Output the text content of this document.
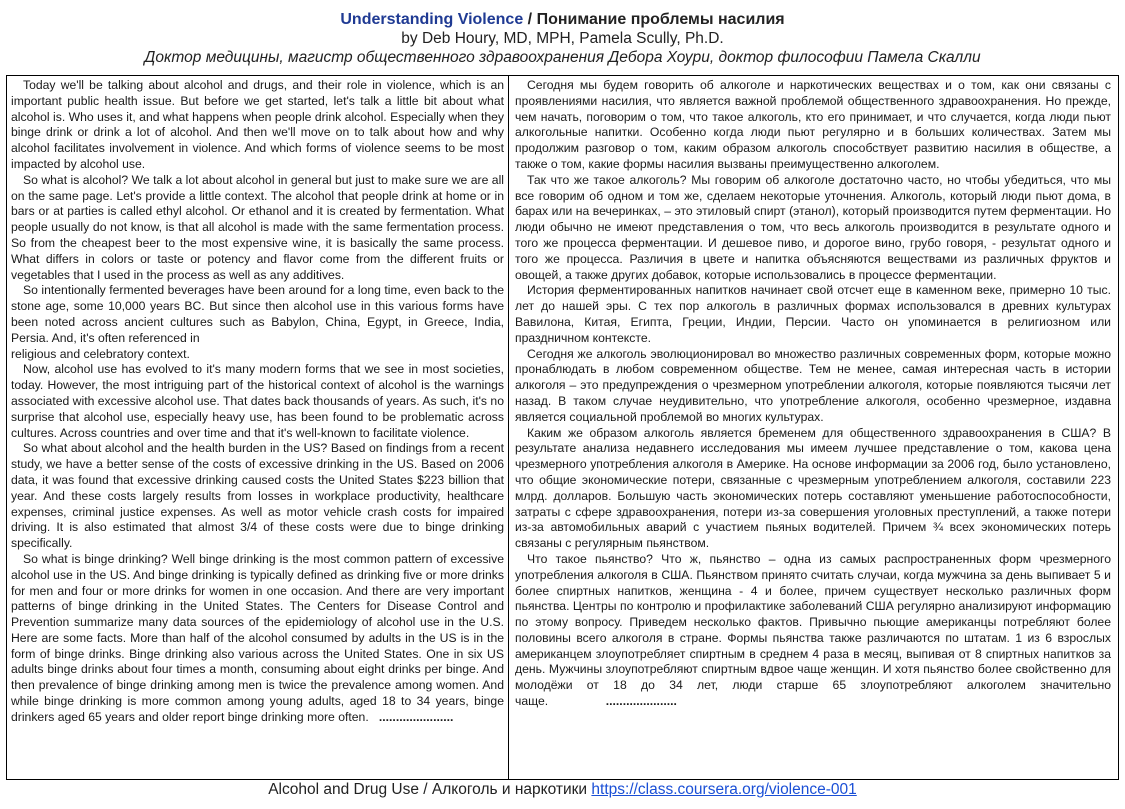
Understanding Violence / Понимание проблемы насилия
by Deb Houry, MD, MPH, Pamela Scully, Ph.D.
Доктор медицины, магистр общественного здравоохранения Дебора Хоури, доктор философии Памела Скалли

Today we'll be talking about alcohol and drugs, and their role in violence, which is an important public health issue. But before we get started, let's talk a little bit about what alcohol is. Who uses it, and what happens when people drink alcohol. Especially when they binge drink or drink a lot of alcohol. And then we'll move on to talk about how and why alcohol facilitates involvement in violence. And which forms of violence seems to be most impacted by alcohol use.

So what is alcohol? We talk a lot about alcohol in general but just to make sure we are all on the same page. Let's provide a little context. The alcohol that people drink at home or in bars or at parties is called ethyl alcohol. Or ethanol and it is created by fermentation. What people usually do not know, is that all alcohol is made with the same fermentation process. So from the cheapest beer to the most expensive wine, it is basically the same process. What differs in colors or taste or potency and flavor come from the different fruits or vegetables that I used in the process as well as any additives.

So intentionally fermented beverages have been around for a long time, even back to the stone age, some 10,000 years BC. But since then alcohol use in this various forms have been noted across ancient cultures such as Babylon, China, Egypt, in Greece, India, Persia. And, it's often referenced in

religious and celebratory context.

Now, alcohol use has evolved to it's many modern forms that we see in most societies, today. However, the most intriguing part of the historical context of alcohol is the warnings associated with excessive alcohol use. That dates back thousands of years. As such, it's no surprise that alcohol use, especially heavy use, has been found to be problematic across cultures. Across countries and over time and that it's well-known to facilitate violence.

So what about alcohol and the health burden in the US? Based on findings from a recent study, we have a better sense of the costs of excessive drinking in the US. Based on 2006 data, it was found that excessive drinking caused costs the United States $223 billion that year. And these costs largely results from losses in workplace productivity, healthcare expenses, criminal justice expenses. As well as motor vehicle crash costs for impaired driving. It is also estimated that almost 3/4 of these costs were due to binge drinking specifically.

So what is binge drinking? Well binge drinking is the most common pattern of excessive alcohol use in the US. And binge drinking is typically defined as drinking five or more drinks for men and four or more drinks for women in one occasion. And there are very important patterns of binge drinking in the United States. The Centers for Disease Control and Prevention summarize many data sources of the epidemiology of alcohol use in the U.S. Here are some facts. More than half of the alcohol consumed by adults in the US is in the form of binge drinks. Binge drinking also various across the United States. One in six US adults binge drinks about four times a month, consuming about eight drinks per binge. And then prevalence of binge drinking among men is twice the prevalence among women. And while binge drinking is more common among young adults, aged 18 to 34 years, binge drinkers aged 65 years and older report binge drinking more often. ......................

Сегодня мы будем говорить об алкоголе и наркотических веществах и о том, как они связаны с проявлениями насилия, что является важной проблемой общественного здравоохранения. Но прежде, чем начать, поговорим о том, что такое алкоголь, кто его принимает, и что случается, когда люди пьют алкогольные напитки. Особенно когда люди пьют регулярно и в больших количествах. Затем мы продолжим разговор о том, каким образом алкоголь способствует развитию насилия в обществе, а также о том, какие формы насилия вызваны преимущественно алкоголем.

Так что же такое алкоголь? Мы говорим об алкоголе достаточно часто, но чтобы убедиться, что мы все говорим об одном и том же, сделаем некоторые уточнения. Алкоголь, который люди пьют дома, в барах или на вечеринках, – это этиловый спирт (этанол), который производится путем ферментации. Но люди обычно не имеют представления о том, что весь алкоголь производится в результате одного и того же процесса ферментации. И дешевое пиво, и дорогое вино, грубо говоря, - результат одного и того же процесса. Различия в цвете и напитка объясняются веществами из различных фруктов и овощей, а также других добавок, которые использовались в процессе ферментации.

История ферментированных напитков начинает свой отсчет еще в каменном веке, примерно 10 тыс. лет до нашей эры. С тех пор алкоголь в различных формах использовался в древних культурах Вавилона, Китая, Египта, Греции, Индии, Персии. Часто он упоминается в религиозном или праздничном контексте.

Сегодня же алкоголь эволюционировал во множество различных современных форм, которые можно пронаблюдать в любом современном обществе. Тем не менее, самая интересная часть в истории алкоголя – это предупреждения о чрезмерном употреблении алкоголя, которые появляются тысячи лет назад. В таком случае неудивительно, что употребление алкоголя, особенно чрезмерное, издавна является социальной проблемой во многих культурах.

Каким же образом алкоголь является бременем для общественного здравоохранения в США? В результате анализа недавнего исследования мы имеем лучшее представление о том, какова цена чрезмерного употребления алкоголя в Америке. На основе информации за 2006 год, было установлено, что общие экономические потери, связанные с чрезмерным употреблением алкоголя, составили 223 млрд. долларов. Большую часть экономических потерь составляют уменьшение работоспособности, затраты с сфере здравоохранения, потери из-за совершения уголовных преступлений, а также потери из-за автомобильных аварий с участием пьяных водителей. Причем ¾ всех экономических потерь связаны с регулярным пьянством.

Что такое пьянство? Что ж, пьянство – одна из самых распространенных форм чрезмерного употребления алкоголя в США. Пьянством принято считать случаи, когда мужчина за день выпивает 5 и более спиртных напитков, женщина - 4 и более, причем существует несколько различных форм пьянства. Центры по контролю и профилактике заболеваний США регулярно анализируют информацию по этому вопросу. Приведем несколько фактов. Привычно пьющие американцы потребляют более половины всего алкоголя в стране. Формы пьянства также различаются по штатам. 1 из 6 взрослых американцем злоупотребляет спиртным в среднем 4 раза в месяц, выпивая от 8 спиртных напитков за день. Мужчины злоупотребляют спиртным вдвое чаще женщин. И хотя пьянство более свойственно для молодёжи от 18 до 34 лет, люди старше 65 злоупотребляют алкоголем значительно чаще.	.....................

Alcohol and Drug Use / Алкоголь и наркотики https://class.coursera.org/violence-001
